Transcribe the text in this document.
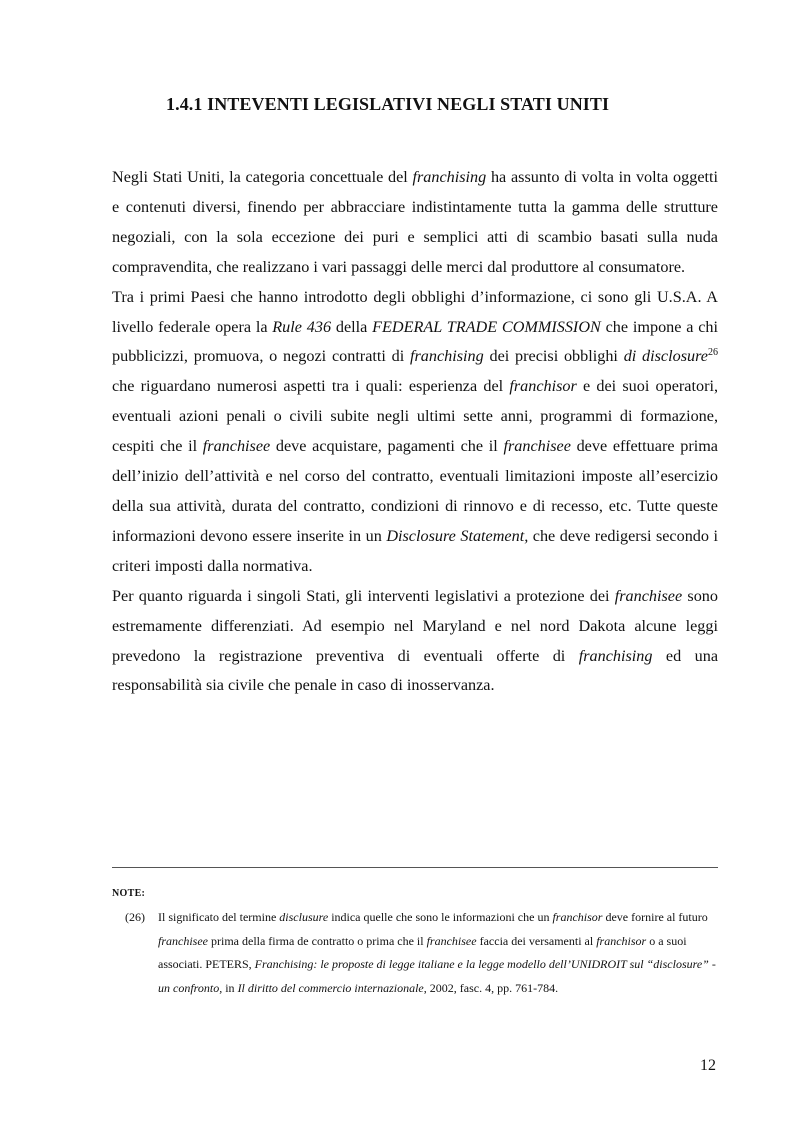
1.4.1 INTEVENTI LEGISLATIVI NEGLI STATI UNITI

Negli Stati Uniti, la categoria concettuale del franchising ha assunto di volta in volta oggetti e contenuti diversi, finendo per abbracciare indistintamente tutta la gamma delle strutture negoziali, con la sola eccezione dei puri e semplici atti di scambio basati sulla nuda compravendita, che realizzano i vari passaggi delle merci dal produttore al consumatore.

Tra i primi Paesi che hanno introdotto degli obblighi d’informazione, ci sono gli U.S.A. A livello federale opera la Rule 436 della FEDERAL TRADE COMMISSION che impone a chi pubblicizzi, promuova, o negozi contratti di franchising dei precisi obblighi di disclosure$^{26}$ che riguardano numerosi aspetti tra i quali: esperienza del franchisor e dei suoi operatori, eventuali azioni penali o civili subite negli ultimi sette anni, programmi di formazione, cespiti che il franchisee deve acquistare, pagamenti che il franchisee deve effettuare prima dell’inizio dell’attività e nel corso del contratto, eventuali limitazioni imposte all’esercizio della sua attività, durata del contratto, condizioni di rinnovo e di recesso, etc. Tutte queste informazioni devono essere inserite in un Disclosure Statement, che deve redigersi secondo i criteri imposti dalla normativa.

Per quanto riguarda i singoli Stati, gli interventi legislativi a protezione dei franchisee sono estremamente differenziati. Ad esempio nel Maryland e nel nord Dakota alcune leggi prevedono la registrazione preventiva di eventuali offerte di franchising ed una responsabilità sia civile che penale in caso di inosservanza.

NOTE:
(26) Il significato del termine disclusure indica quelle che sono le informazioni che un franchisor deve fornire al futuro franchisee prima della firma de contratto o prima che il franchisee faccia dei versamenti al franchisor o a suoi associati. PETERS, Franchising: le proposte di legge italiane e la legge modello dell’UNIDROIT sul “disclosure” - un confronto, in Il diritto del commercio internazionale, 2002, fasc. 4, pp. 761-784.
12
